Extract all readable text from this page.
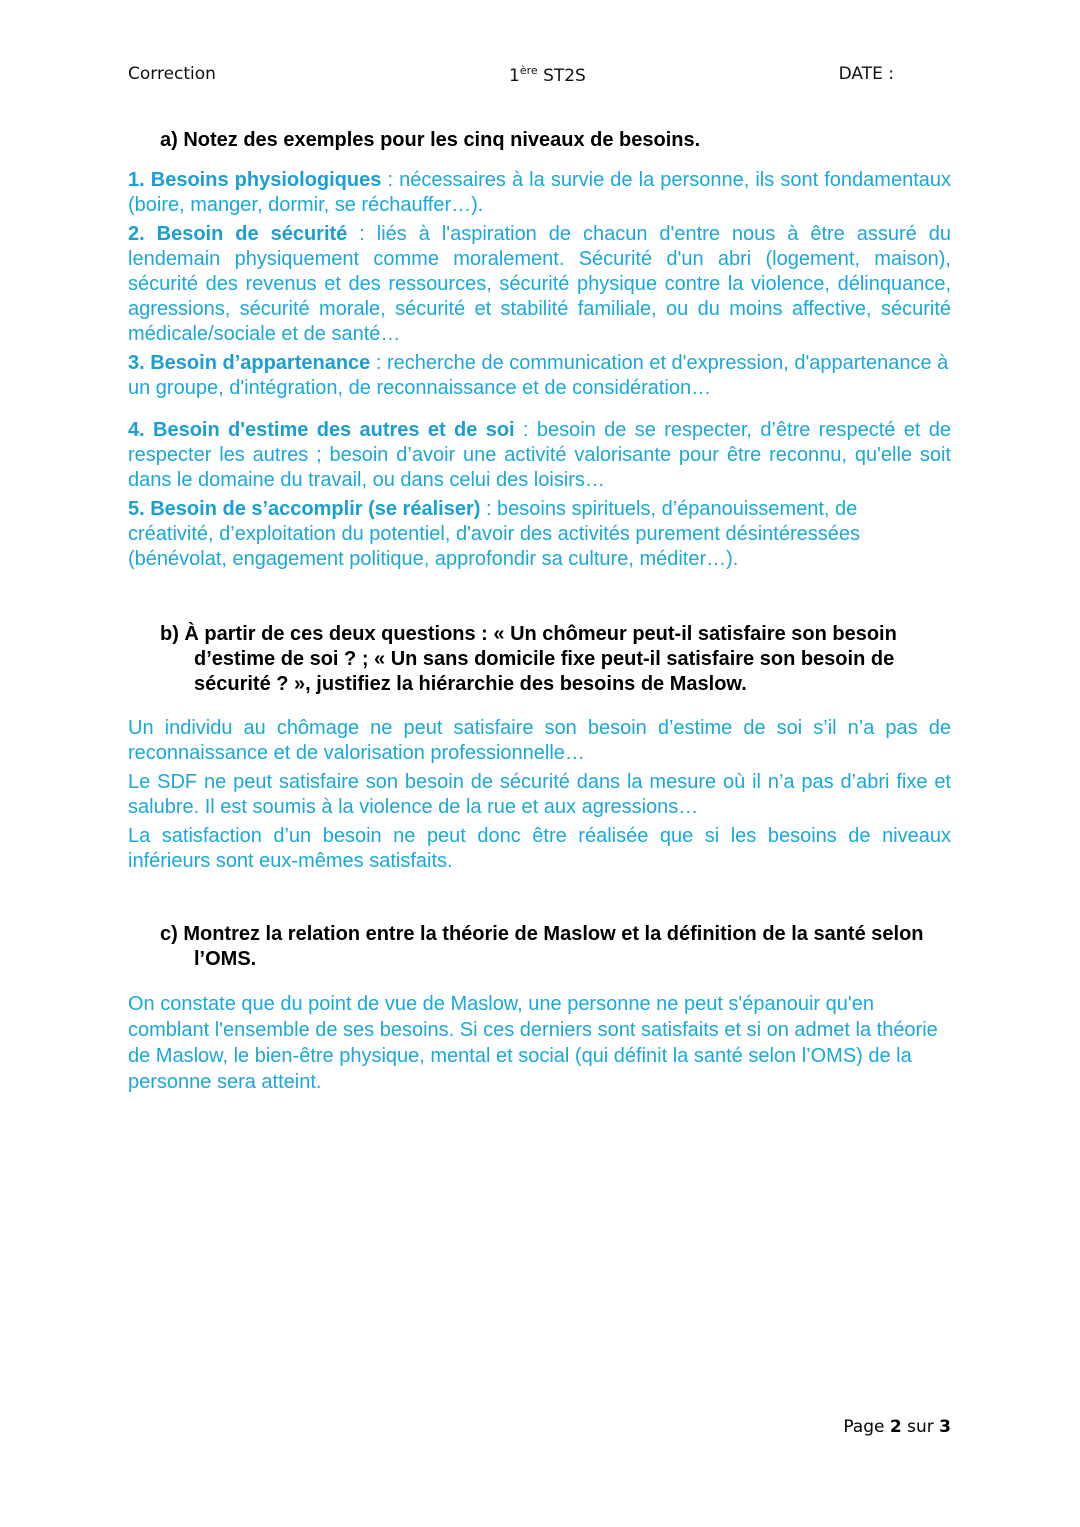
Correction	1ère ST2S	DATE :
a) Notez des exemples pour les cinq niveaux de besoins.

1. Besoins physiologiques : nécessaires à la survie de la personne, ils sont fondamentaux (boire, manger, dormir, se réchauffer…).

2. Besoin de sécurité : liés à l'aspiration de chacun d'entre nous à être assuré du lendemain physiquement comme moralement. Sécurité d'un abri (logement, maison), sécurité des revenus et des ressources, sécurité physique contre la violence, délinquance, agressions, sécurité morale, sécurité et stabilité familiale, ou du moins affective, sécurité médicale/sociale et de santé…

3. Besoin d’appartenance : recherche de communication et d'expression, d'appartenance à un groupe, d'intégration, de reconnaissance et de considération…

4. Besoin d'estime des autres et de soi : besoin de se respecter, d’être respecté et de respecter les autres ; besoin d’avoir une activité valorisante pour être reconnu, qu'elle soit dans le domaine du travail, ou dans celui des loisirs…

5. Besoin de s’accomplir (se réaliser) : besoins spirituels, d’épanouissement, de créativité, d’exploitation du potentiel, d'avoir des activités purement désintéressées (bénévolat, engagement politique, approfondir sa culture, méditer…).

b) À partir de ces deux questions : « Un chômeur peut-il satisfaire son besoin d’estime de soi ? ; « Un sans domicile fixe peut-il satisfaire son besoin de sécurité ? », justifiez la hiérarchie des besoins de Maslow.

Un individu au chômage ne peut satisfaire son besoin d’estime de soi s’il n’a pas de reconnaissance et de valorisation professionnelle…

Le SDF ne peut satisfaire son besoin de sécurité dans la mesure où il n’a pas d’abri fixe et salubre. Il est soumis à la violence de la rue et aux agressions…

La satisfaction d’un besoin ne peut donc être réalisée que si les besoins de niveaux inférieurs sont eux-mêmes satisfaits.

c) Montrez la relation entre la théorie de Maslow et la définition de la santé selon l’OMS.
On constate que du point de vue de Maslow, une personne ne peut s'épanouir qu'en comblant l'ensemble de ses besoins. Si ces derniers sont satisfaits et si on admet la théorie de Maslow, le bien-être physique, mental et social (qui définit la santé selon l’OMS) de la personne sera atteint.
Page 2 sur 3
